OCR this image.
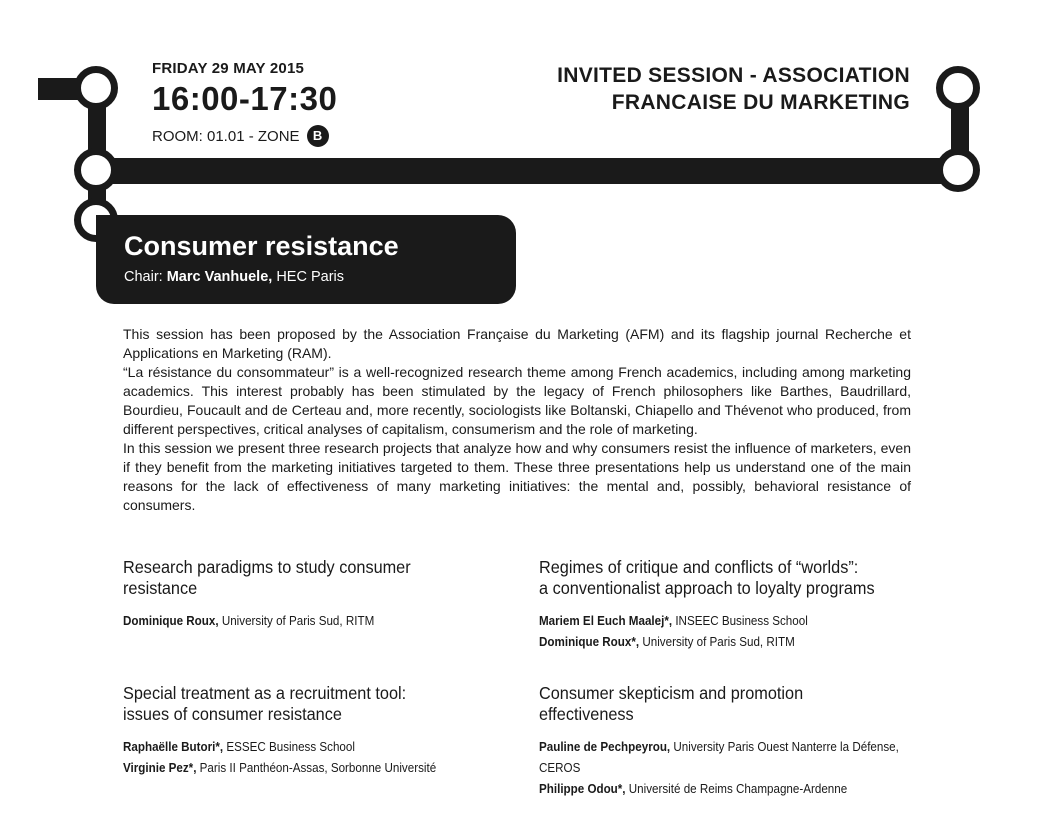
FRIDAY 29 MAY 2015
16:00-17:30
ROOM: 01.01 - ZONE	B
INVITED SESSION - ASSOCIATION
FRANCAISE DU MARKETING
Consumer resistance
Chair: Marc Vanhuele, HEC Paris

This session has been proposed by the Association Française du Marketing (AFM) and its flagship journal Recherche et Applications en Marketing (RAM).

“La résistance du consommateur” is a well-recognized research theme among French academics, including among marketing academics. This interest probably has been stimulated by the legacy of French philosophers like Barthes, Baudrillard, Bourdieu, Foucault and de Certeau and, more recently, sociologists like Boltanski, Chiapello and Thévenot who produced, from different perspectives, critical analyses of capitalism, consumerism and the role of marketing.

In this session we present three research projects that analyze how and why consumers resist the influence of marketers, even if they benefit from the marketing initiatives targeted to them. These three presentations help us understand one of the main reasons for the lack of effectiveness of many marketing initiatives: the mental and, possibly, behavioral resistance of consumers.

Research paradigms to study consumer
resistance
Dominique Roux, University of Paris Sud, RITM
Regimes of critique and conflicts of “worlds”:
a conventionalist approach to loyalty programs
Mariem El Euch Maalej*, INSEEC Business School
Dominique Roux*, University of Paris Sud, RITM
Special treatment as a recruitment tool:
issues of consumer resistance
Raphaëlle Butori*, ESSEC Business School
Virginie Pez*, Paris II Panthéon-Assas, Sorbonne Université
Consumer skepticism and promotion
effectiveness
Pauline de Pechpeyrou, University Paris Ouest Nanterre la Défense,
CEROS
Philippe Odou*, Université de Reims Champagne-Ardenne
